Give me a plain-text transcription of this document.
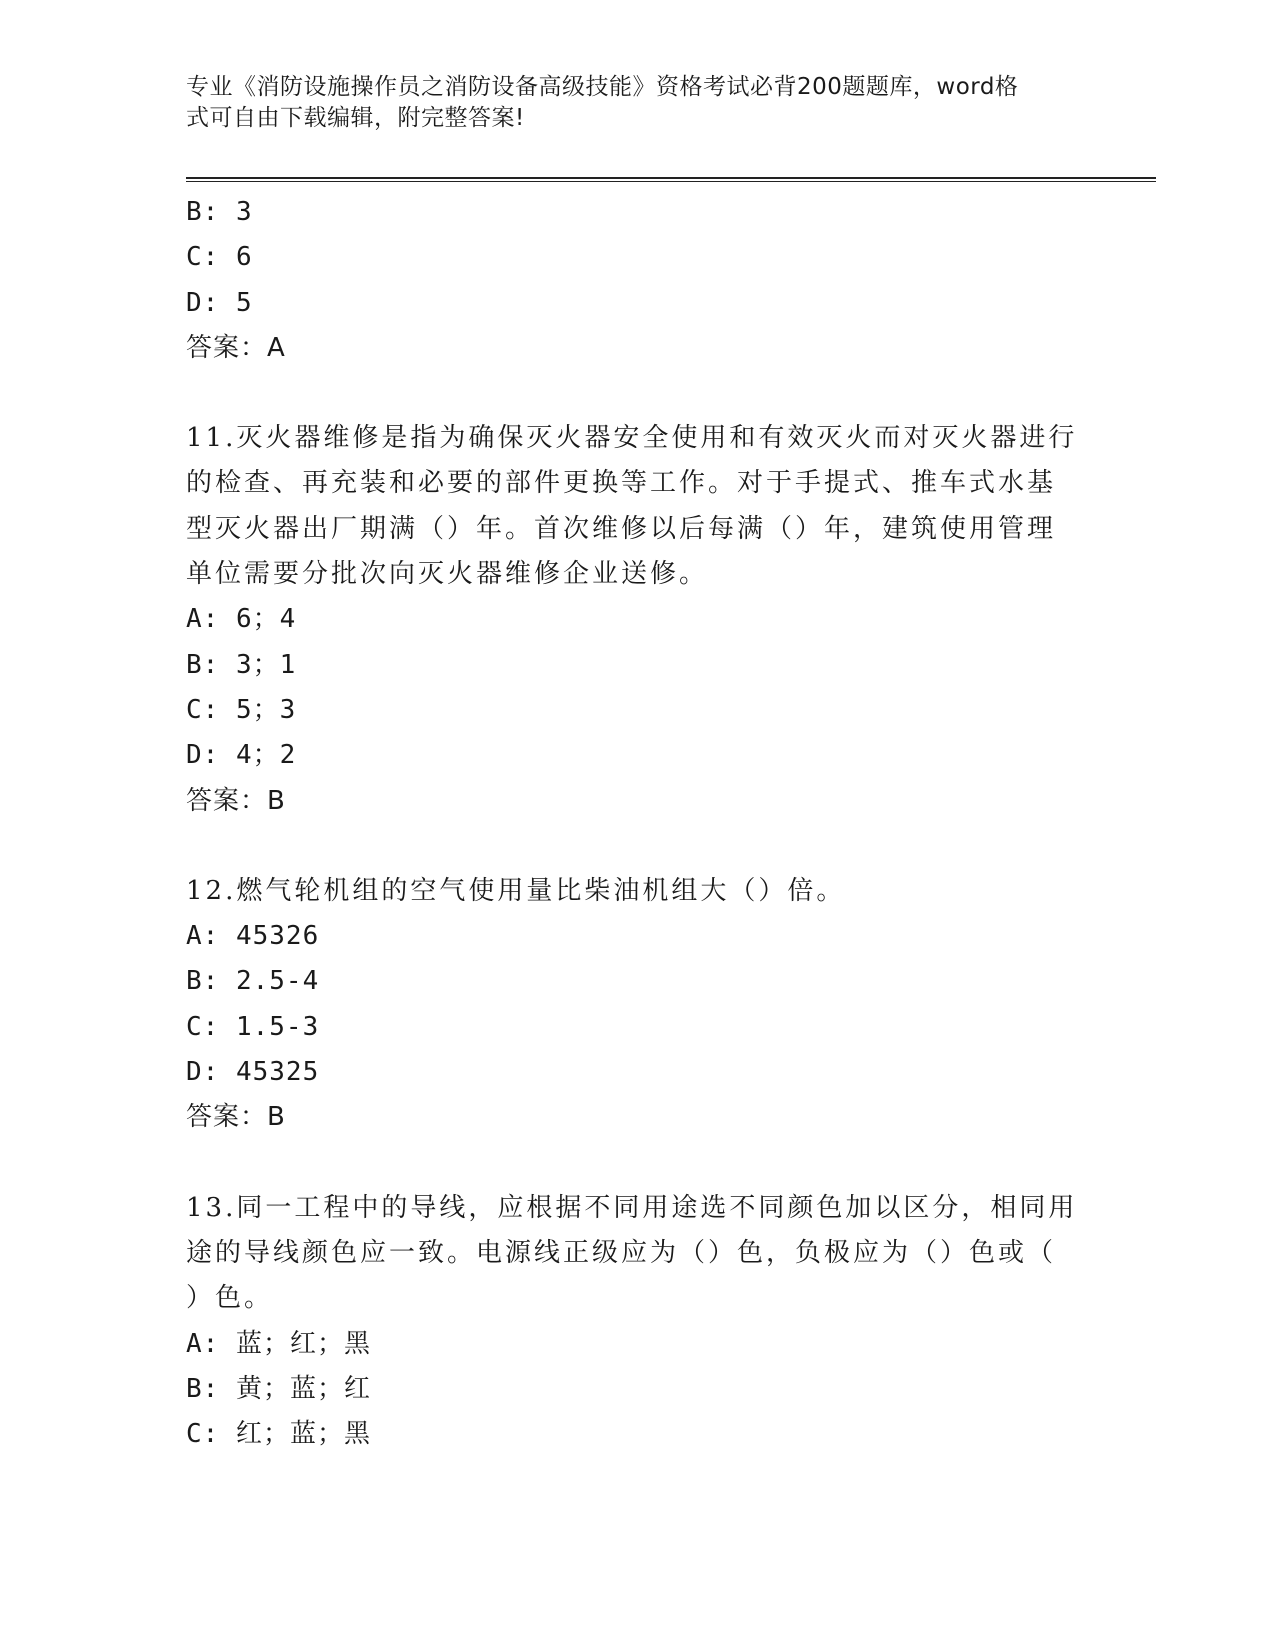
专业《消防设施操作员之消防设备高级技能》资格考试必背200题题库，word格
式可自由下载编辑，附完整答案!
B: 3
C: 6
D: 5
答案：A
11.灭火器维修是指为确保灭火器安全使用和有效灭火而对灭火器进行
的检查、再充装和必要的部件更换等工作。对于手提式、推车式水基
型灭火器出厂期满（）年。首次维修以后每满（）年，建筑使用管理
单位需要分批次向灭火器维修企业送修。
A: 6；4
B: 3；1
C: 5；3
D: 4；2
答案：B
12.燃气轮机组的空气使用量比柴油机组大（）倍。
A: 45326
B: 2.5-4
C: 1.5-3
D: 45325
答案：B
13.同一工程中的导线，应根据不同用途选不同颜色加以区分，相同用
途的导线颜色应一致。电源线正级应为（）色，负极应为（）色或（
）色。
A: 蓝；红；黑
B: 黄；蓝；红
C: 红；蓝；黑
